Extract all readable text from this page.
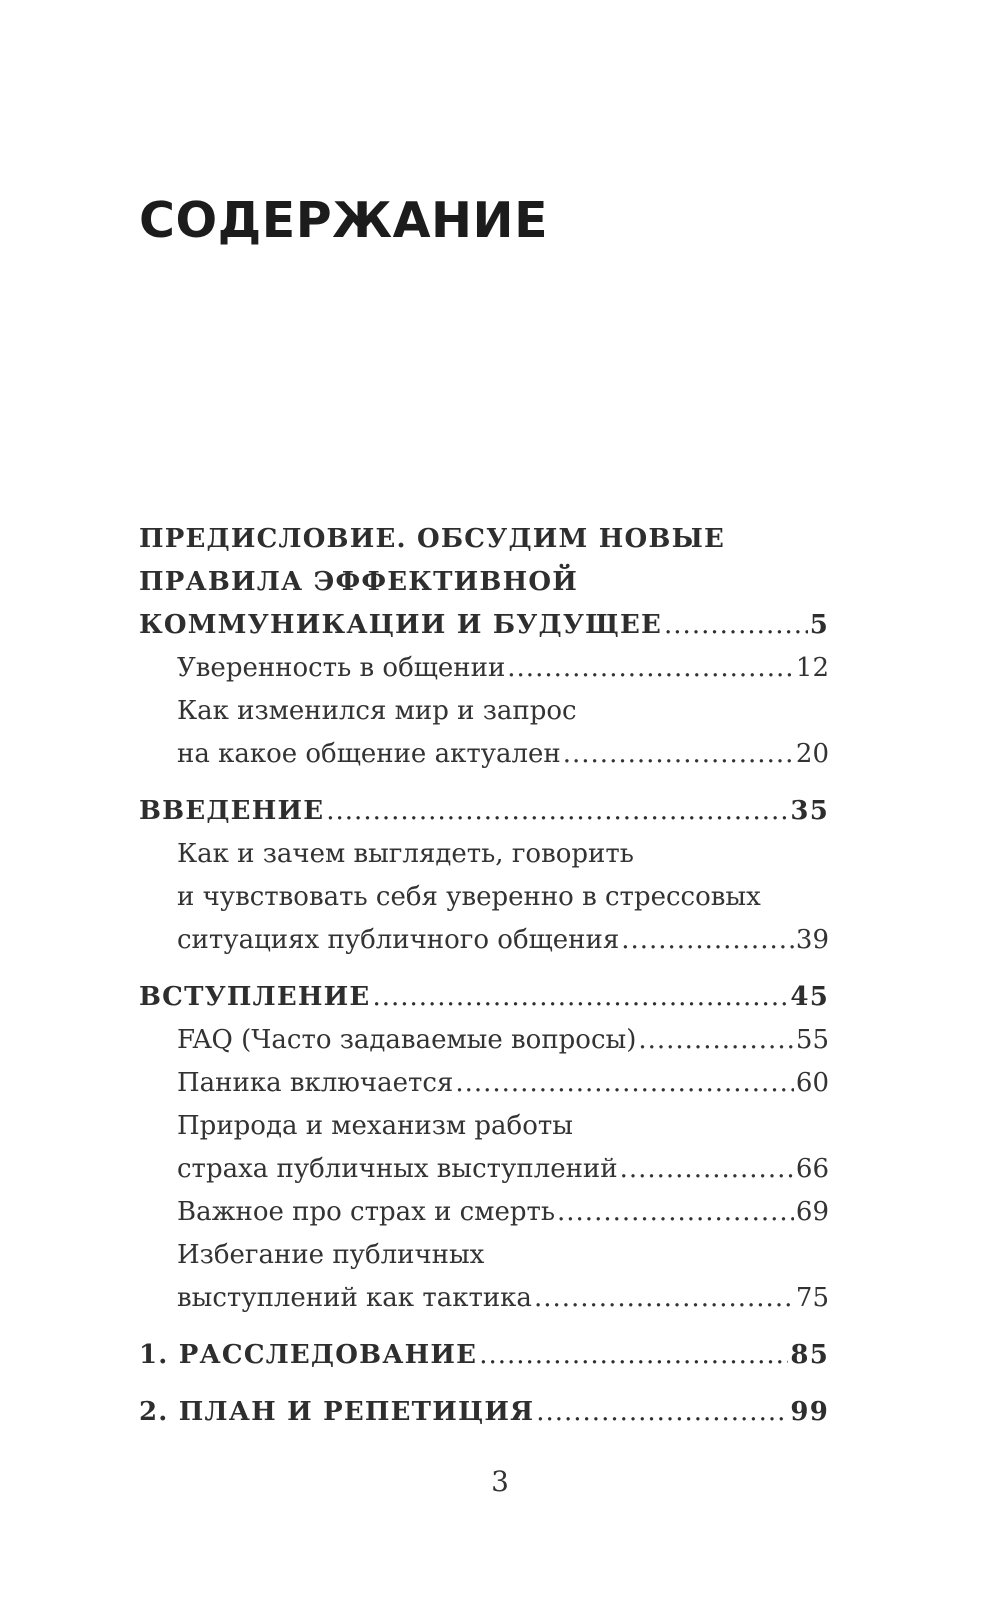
СОДЕРЖАНИЕ
ПРЕДИСЛОВИЕ. ОБСУДИМ НОВЫЕ
ПРАВИЛА ЭФФЕКТИВНОЙ
КОММУНИКАЦИИ И БУДУЩЕЕ .....	5
Уверенность в общении .....	12
Как изменился мир и запрос
на какое общение актуален .....	20
ВВЕДЕНИЕ .....	35
Как и зачем выглядеть, говорить
и чувствовать себя уверенно в стрессовых
ситуациях публичного общения .....	39
ВСТУПЛЕНИЕ .....	45
FAQ (Часто задаваемые вопросы) .....	55
Паника включается .....	60
Природа и механизм работы
страха публичных выступлений .....	66
Важное про страх и смерть .....	69
Избегание публичных
выступлений как тактика .....	75
1. РАССЛЕДОВАНИЕ .....	85
2. ПЛАН И РЕПЕТИЦИЯ .....	99
3
